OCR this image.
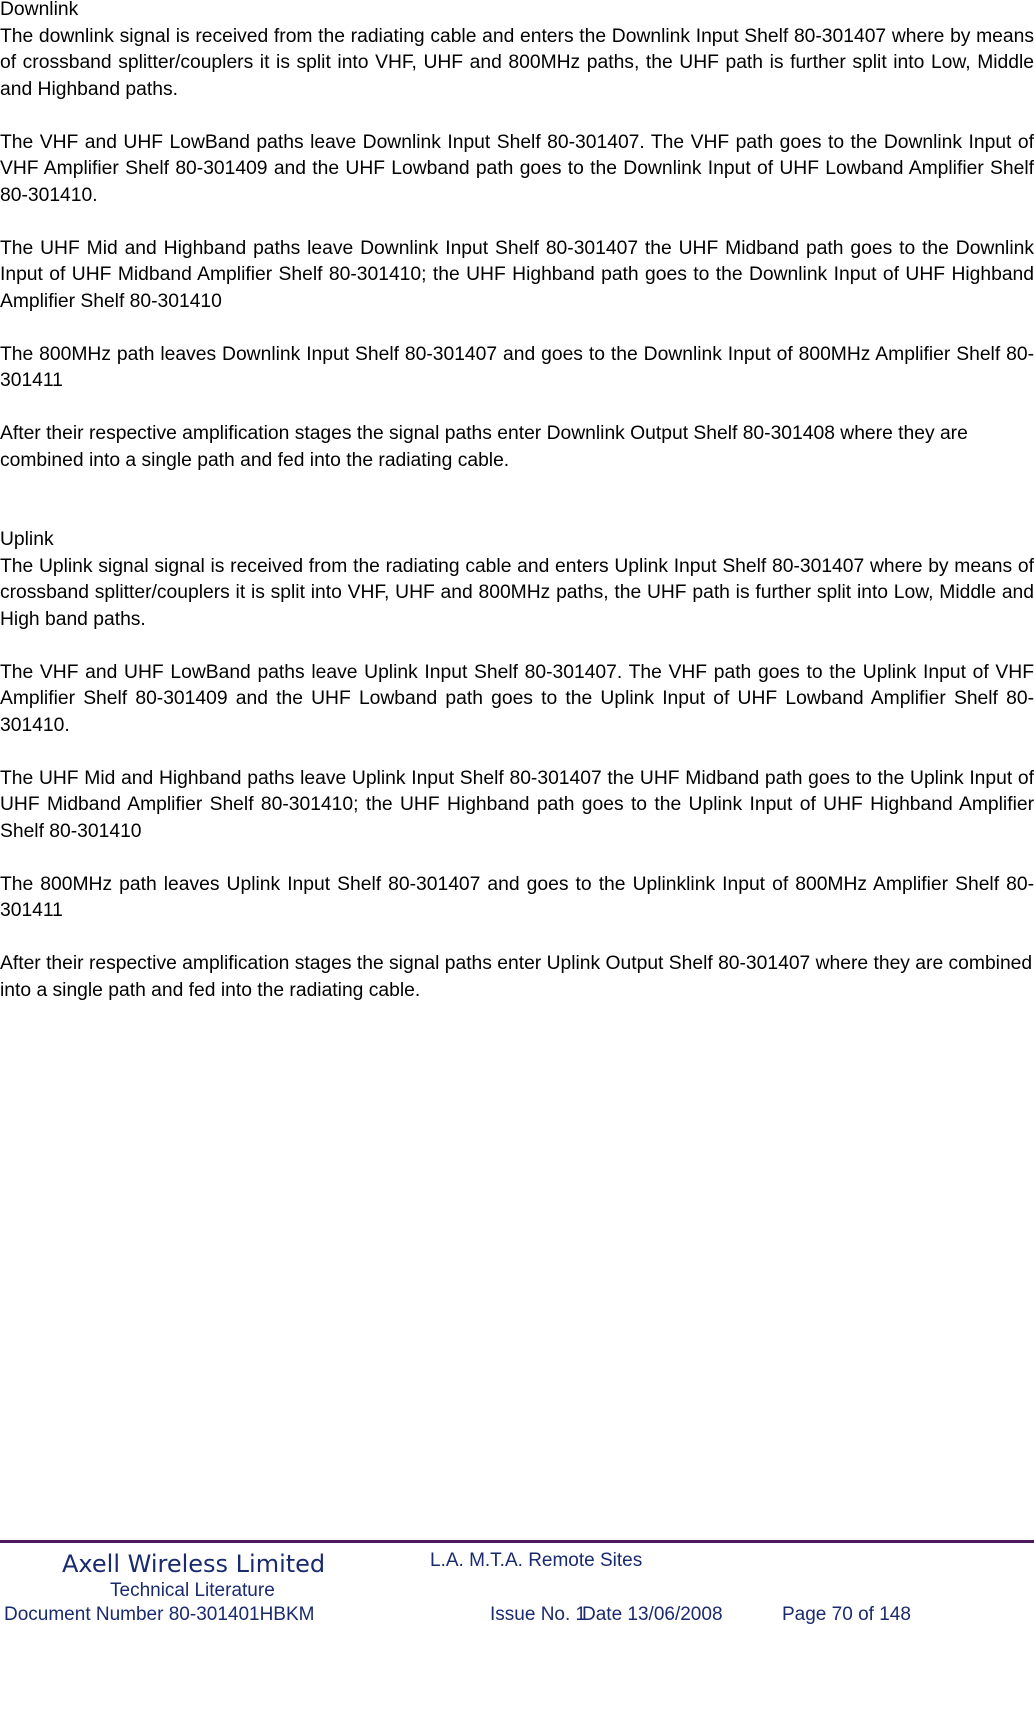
Downlink

The downlink signal is received from the radiating cable and enters the Downlink Input Shelf 80-301407 where by means of crossband splitter/couplers it is split into VHF, UHF and 800MHz paths, the UHF path is further split into Low, Middle and Highband paths.

The VHF and UHF LowBand paths leave Downlink Input Shelf 80-301407. The VHF path goes to the Downlink Input of VHF Amplifier Shelf 80-301409 and the UHF Lowband path goes to the Downlink Input of UHF Lowband Amplifier Shelf 80-301410.

The UHF Mid and Highband paths leave Downlink Input Shelf 80-301407 the UHF Midband path goes to the Downlink Input of UHF Midband Amplifier Shelf 80-301410; the UHF Highband path goes to the Downlink Input of UHF Highband Amplifier Shelf 80-301410

The 800MHz path leaves Downlink Input Shelf 80-301407 and goes to the Downlink Input of 800MHz Amplifier Shelf 80-301411

After their respective amplification stages the signal paths enter Downlink Output Shelf 80-301408 where they are combined into a single path and fed into the radiating cable.

Uplink

The Uplink signal signal is received from the radiating cable and enters Uplink Input Shelf 80-301407 where by means of crossband splitter/couplers it is split into VHF, UHF and 800MHz paths, the UHF path is further split into Low, Middle and High band paths.

The VHF and UHF LowBand paths leave Uplink Input Shelf 80-301407. The VHF path goes to the Uplink Input of VHF Amplifier Shelf 80-301409 and the UHF Lowband path goes to the Uplink Input of UHF Lowband Amplifier Shelf 80-301410.

The UHF Mid and Highband paths leave Uplink Input Shelf 80-301407 the UHF Midband path goes to the Uplink Input of UHF Midband Amplifier Shelf 80-301410; the UHF Highband path goes to the Uplink Input of UHF Highband Amplifier Shelf 80-301410

The 800MHz path leaves Uplink Input Shelf 80-301407 and goes to the Uplinklink Input of 800MHz Amplifier Shelf 80-301411

After their respective amplification stages the signal paths enter Uplink Output Shelf 80-301407 where they are combined into a single path and fed into the radiating cable.

Axell Wireless Limited	L.A. M.T.A. Remote Sites
Technical Literature

Document Number 80-301401HBKM

	Issue No. 1

Date 13/06/2008

	Page 70 of 148
